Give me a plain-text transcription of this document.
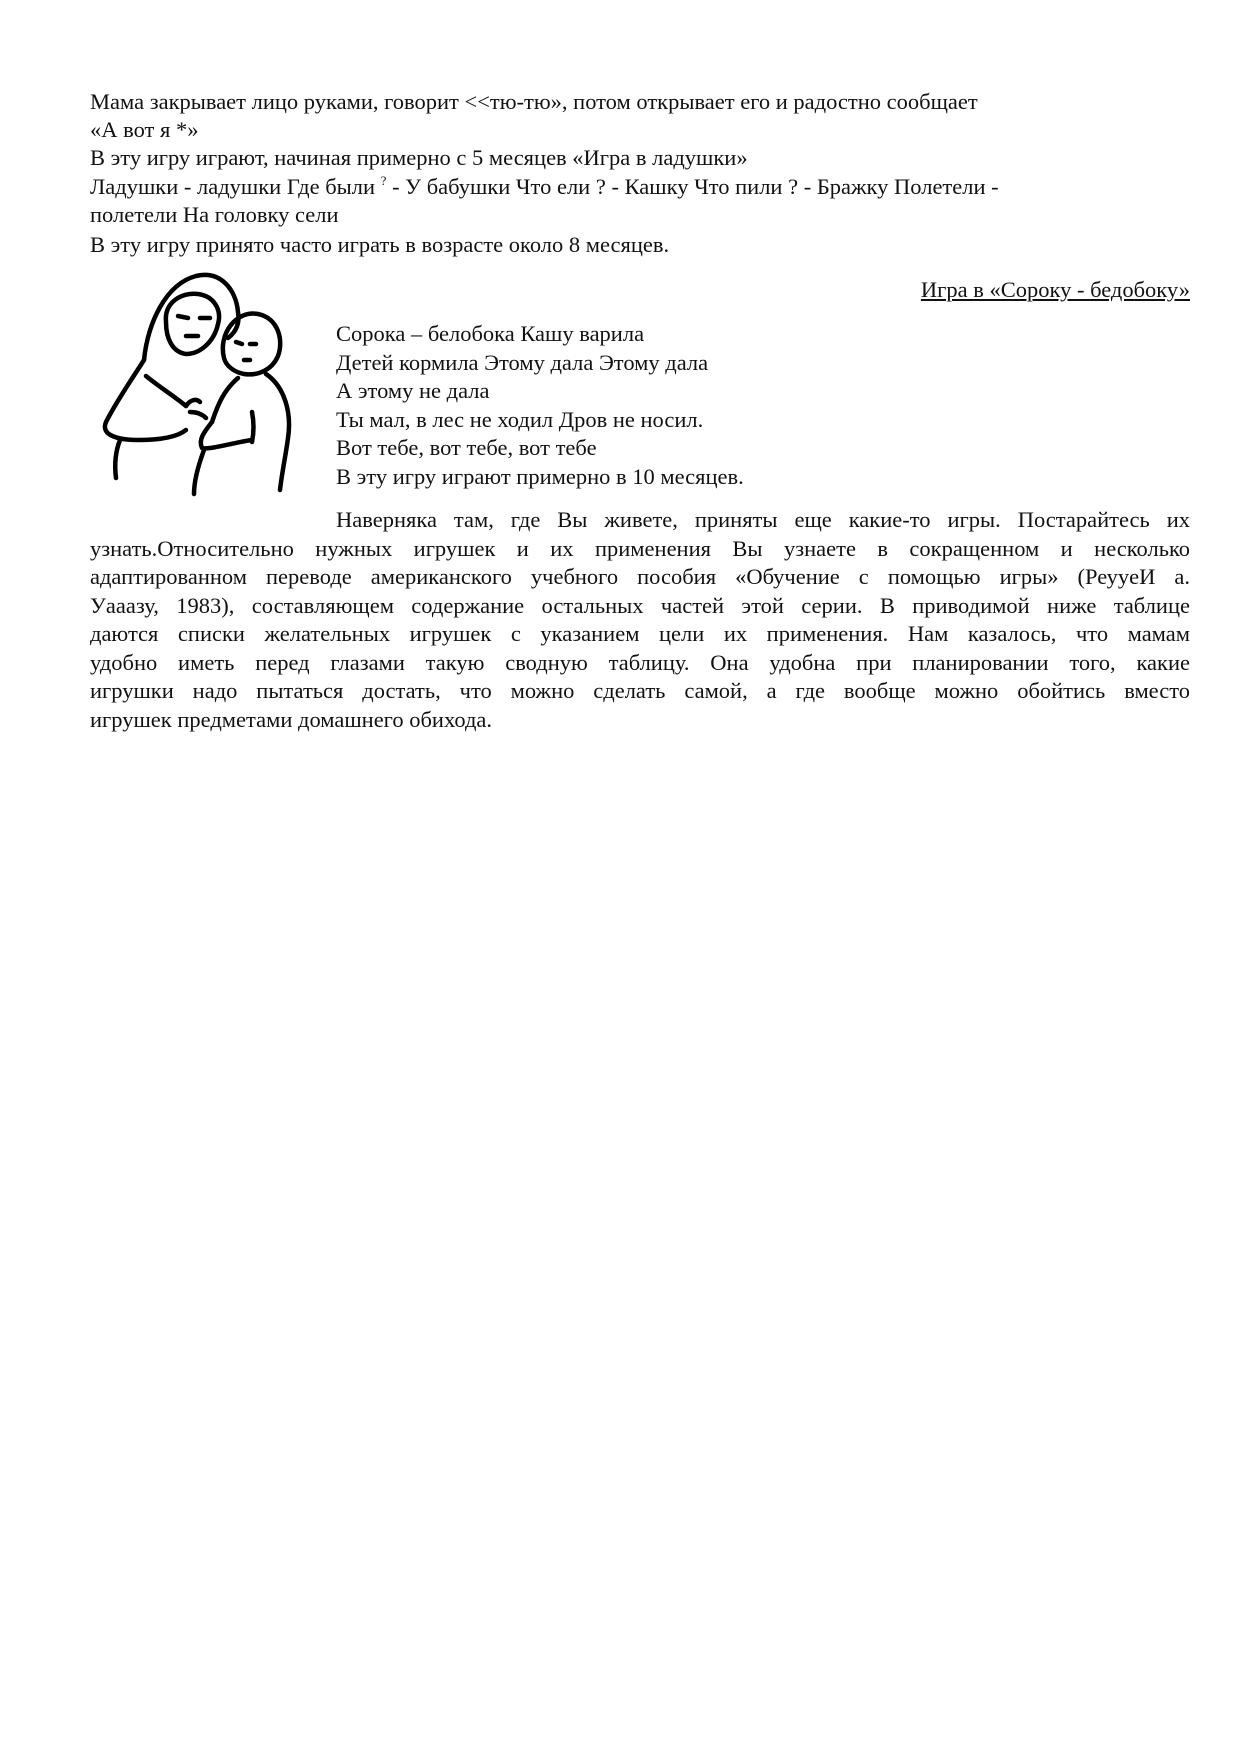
Мама закрывает лицо руками, говорит <<тю-тю», потом открывает его и радостно сообщает
«А вот я *»
В эту игру играют, начиная примерно с 5 месяцев «Игра в ладушки»
Ладушки - ладушки Где были ? - У бабушки Что ели ? - Кашку Что пили ? - Бражку Полетели -
полетели На головку сели
В эту игру принято часто играть в возрасте около 8 месяцев.
Игра в «Сороку - бедобоку»
Сорока – белобока Кашу варила
Детей кормила Этому дала Этому дала
А этому не дала
Ты мал, в лес не ходил Дров не носил.
Вот тебе, вот тебе, вот тебе
В эту игру играют примерно в 10 месяцев.
Наверняка там, где Вы живете, приняты еще какие-то игры. Постарайтесь их
узнать.Относительно нужных игрушек и их применения Вы узнаете в сокращенном и несколько
адаптированном переводе американского учебного пособия «Обучение с помощью игры» (РеуyeИ а.
Уааазу, 1983), составляющем содержание остальных частей этой серии. В приводимой ниже таблице
даются списки желательных игрушек с указанием цели их применения. Нам казалось, что мамам
удобно иметь перед глазами такую сводную таблицу. Она удобна при планировании того, какие
игрушки надо пытаться достать, что можно сделать самой, а где вообще можно обойтись вместо
игрушек предметами домашнего обихода.
